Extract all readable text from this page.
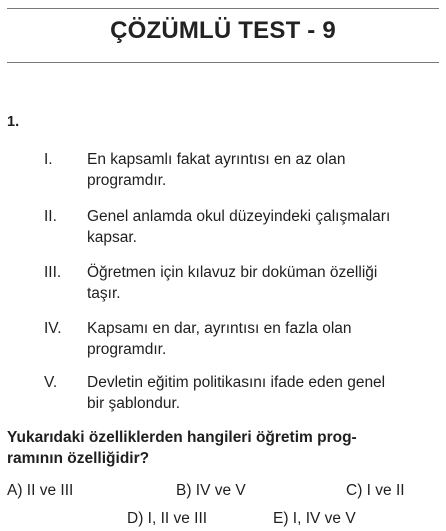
ÇÖZÜMLÜ TEST - 9
1.
I. En kapsamlı fakat ayrıntısı en az olan
programdır.
II. Genel anlamda okul düzeyindeki çalışmaları
kapsar.
III. Öğretmen için kılavuz bir doküman özelliği
taşır.
IV. Kapsamı en dar, ayrıntısı en fazla olan
programdır.
V. Devletin eğitim politikasını ifade eden genel
bir şablondur.
Yukarıdaki özelliklerden hangileri öğretim prog-
ramının özelliğidir?
A) II ve III	B) IV ve V	C) I ve II
D) I, II ve III	E) I, IV ve V
